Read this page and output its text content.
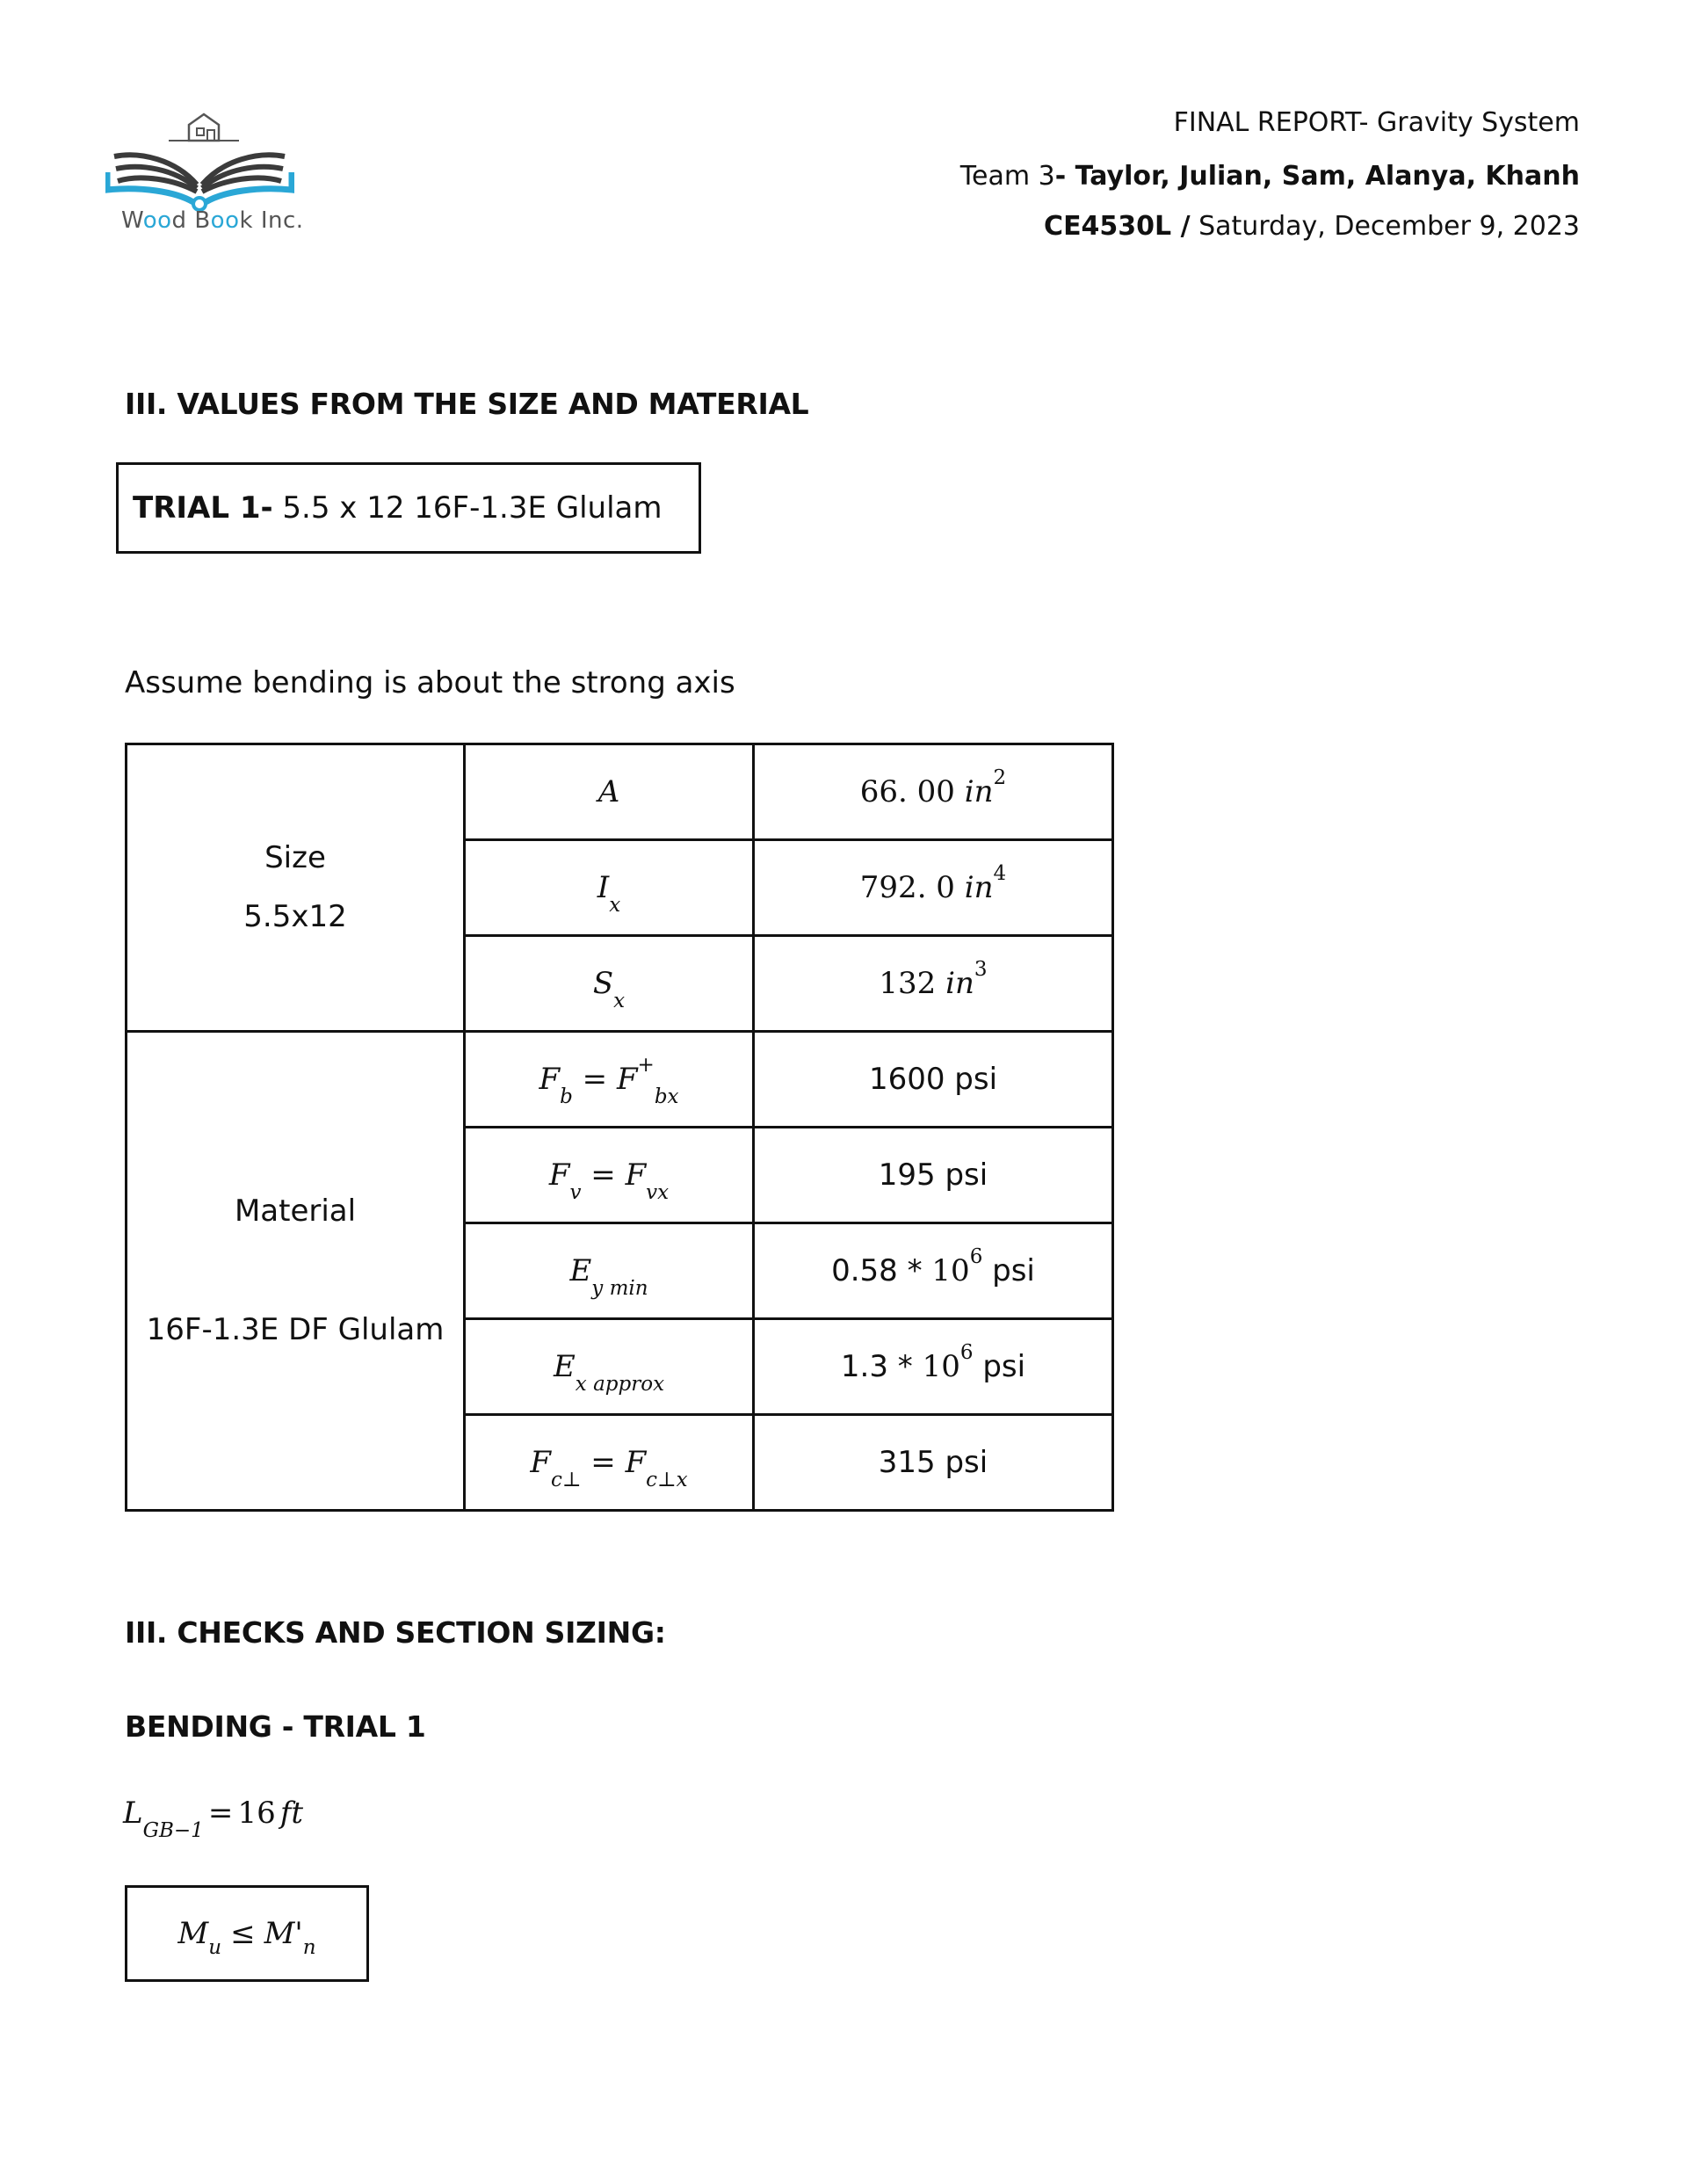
Wood Book Inc.
FINAL REPORT- Gravity System
Team 3- Taylor, Julian, Sam, Alanya, Khanh
CE4530L / Saturday, December 9, 2023
III. VALUES FROM THE SIZE AND MATERIAL
TRIAL 1- 5.5 x 12 16F-1.3E Glulam
Assume bending is about the strong axis
Size
5.5x12	A	66. 00 in2
	Ix	792. 0 in4
	Sx	132 in3

Material
16F-1.3E DF Glulam	Fb = F+bx	1600 psi
	Fv = Fvx	195 psi
	Ey min	0.58 * 106 psi
	Ex approx	1.3 * 106 psi
	Fc⊥ = Fc⊥x	315 psi
III. CHECKS AND SECTION SIZING:
BENDING - TRIAL 1
LGB−1 = 16 ft
M u ≤ M' n
